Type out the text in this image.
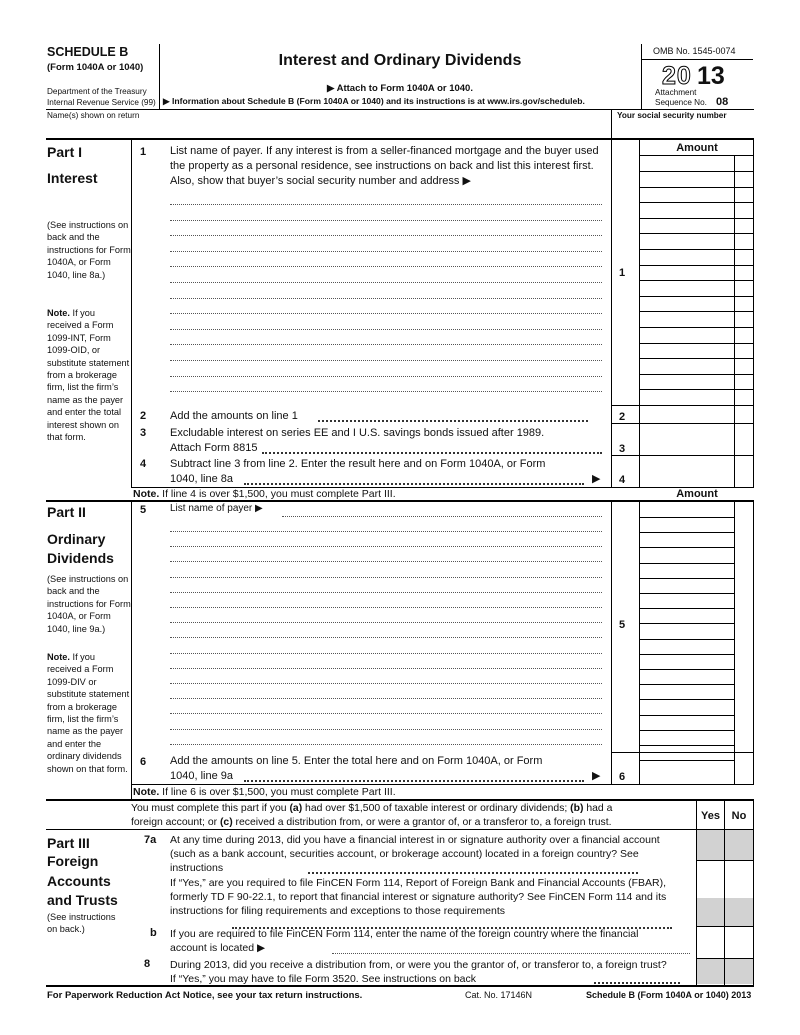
SCHEDULE B
(Form 1040A or 1040)
Department of the Treasury
Internal Revenue Service (99)
Interest and Ordinary Dividends
▶ Attach to Form 1040A or 1040.
▶ Information about Schedule B (Form 1040A or 1040) and its instructions is at www.irs.gov/scheduleb.
OMB No. 1545-0074
20 13
Attachment
Sequence No. 08
Name(s) shown on return	Your social security number
Part I
Interest
(See instructions on back and the instructions for Form 1040A, or Form 1040, line 8a.)
Note. If you received a Form 1099-INT, Form 1099-OID, or substitute statement from a brokerage firm, list the firm’s name as the payer and enter the total interest shown on that form.
Amount
1 List name of payer. If any interest is from a seller-financed mortgage and the buyer used the property as a personal residence, see instructions on back and list this interest first. Also, show that buyer’s social security number and address ▶
1
2 Add the amounts on line 1	2
3 Excludable interest on series EE and I U.S. savings bonds issued after 1989.
Attach Form 8815	3
4 Subtract line 3 from line 2. Enter the result here and on Form 1040A, or Form
1040, line 8a	▶ 4
Note. If line 4 is over $1,500, you must complete Part III.	Amount
Part II
Ordinary
Dividends
(See instructions on back and the instructions for Form 1040A, or Form 1040, line 9a.)
Note. If you received a Form 1099-DIV or substitute statement from a brokerage firm, list the firm’s name as the payer and enter the ordinary dividends shown on that form.
5 List name of payer ▶
5
6 Add the amounts on line 5. Enter the total here and on Form 1040A, or Form
1040, line 9a	▶ 6
Note. If line 6 is over $1,500, you must complete Part III.
You must complete this part if you (a) had over $1,500 of taxable interest or ordinary dividends; (b) had a
foreign account; or (c) received a distribution from, or were a grantor of, or a transferor to, a foreign trust.
Yes	No
Part III
Foreign
Accounts
and Trusts
(See instructions on back.)
7a At any time during 2013, did you have a financial interest in or signature authority over a financial account (such as a bank account, securities account, or brokerage account) located in a foreign country? See instructions
If “Yes,” are you required to file FinCEN Form 114, Report of Foreign Bank and Financial Accounts (FBAR), formerly TD F 90-22.1, to report that financial interest or signature authority? See FinCEN Form 114 and its instructions for filing requirements and exceptions to those requirements
b If you are required to file FinCEN Form 114, enter the name of the foreign country where the financial account is located ▶
8 During 2013, did you receive a distribution from, or were you the grantor of, or transferor to, a foreign trust? If “Yes,” you may have to file Form 3520. See instructions on back
For Paperwork Reduction Act Notice, see your tax return instructions.	Cat. No. 17146N	Schedule B (Form 1040A or 1040) 2013
